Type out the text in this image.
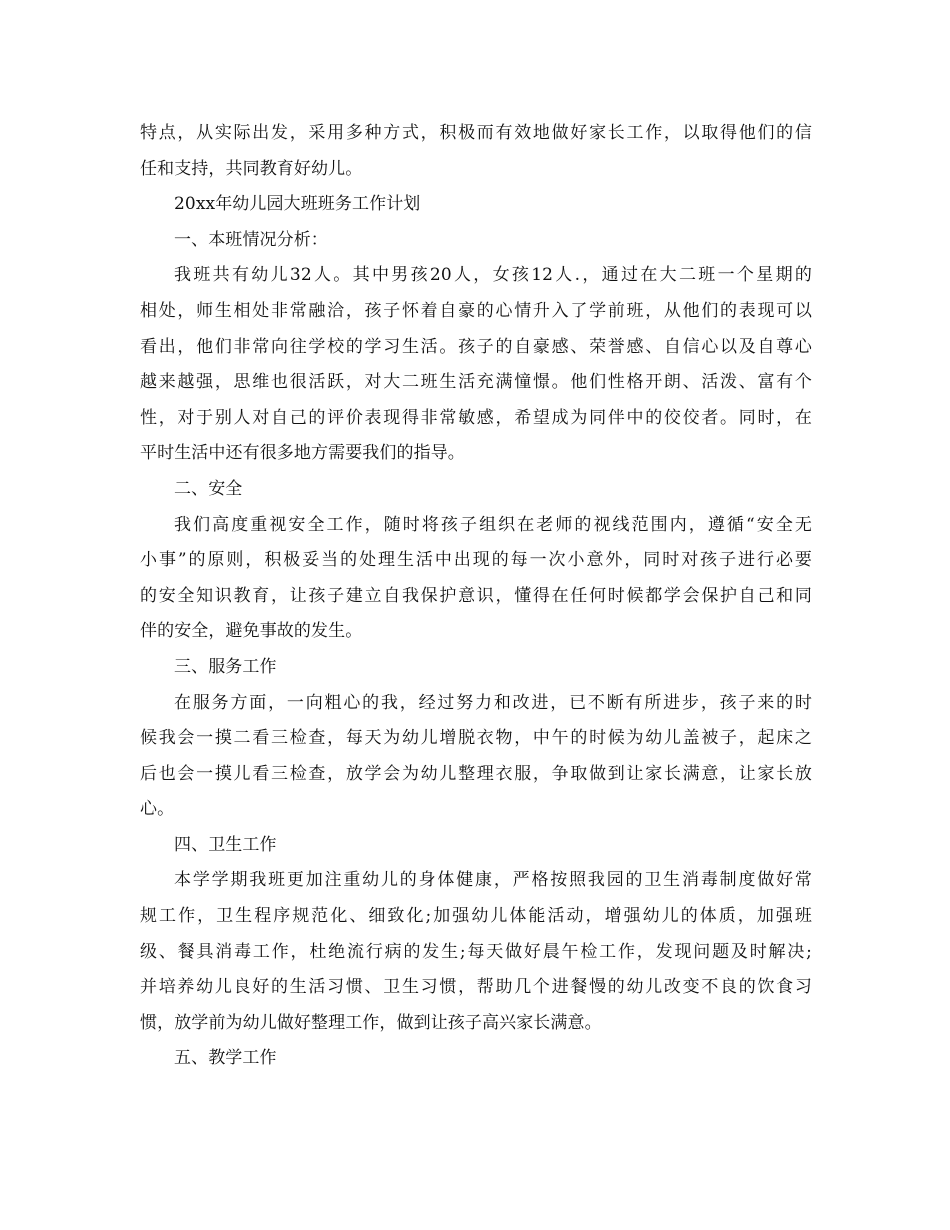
特点，从实际出发，采用多种方式，积极而有效地做好家长工作，以取得他们的信
任和支持，共同教育好幼儿。
20xx年幼儿园大班班务工作计划
一、本班情况分析：
我班共有幼儿32人。其中男孩20人，女孩12人.，通过在大二班一个星期的
相处，师生相处非常融洽，孩子怀着自豪的心情升入了学前班，从他们的表现可以
看出，他们非常向往学校的学习生活。孩子的自豪感、荣誉感、自信心以及自尊心
越来越强，思维也很活跃，对大二班生活充满憧憬。他们性格开朗、活泼、富有个
性，对于别人对自己的评价表现得非常敏感，希望成为同伴中的佼佼者。同时，在
平时生活中还有很多地方需要我们的指导。
二、安全
我们高度重视安全工作，随时将孩子组织在老师的视线范围内，遵循“安全无
小事”的原则，积极妥当的处理生活中出现的每一次小意外，同时对孩子进行必要
的安全知识教育，让孩子建立自我保护意识，懂得在任何时候都学会保护自己和同
伴的安全，避免事故的发生。
三、服务工作
在服务方面，一向粗心的我，经过努力和改进，已不断有所进步，孩子来的时
候我会一摸二看三检查，每天为幼儿增脱衣物，中午的时候为幼儿盖被子，起床之
后也会一摸儿看三检查，放学会为幼儿整理衣服，争取做到让家长满意，让家长放
心。
四、卫生工作
本学学期我班更加注重幼儿的身体健康，严格按照我园的卫生消毒制度做好常
规工作，卫生程序规范化、细致化;加强幼儿体能活动，增强幼儿的体质，加强班
级、餐具消毒工作，杜绝流行病的发生;每天做好晨午检工作，发现问题及时解决;
并培养幼儿良好的生活习惯、卫生习惯，帮助几个进餐慢的幼儿改变不良的饮食习
惯，放学前为幼儿做好整理工作，做到让孩子高兴家长满意。
五、教学工作
